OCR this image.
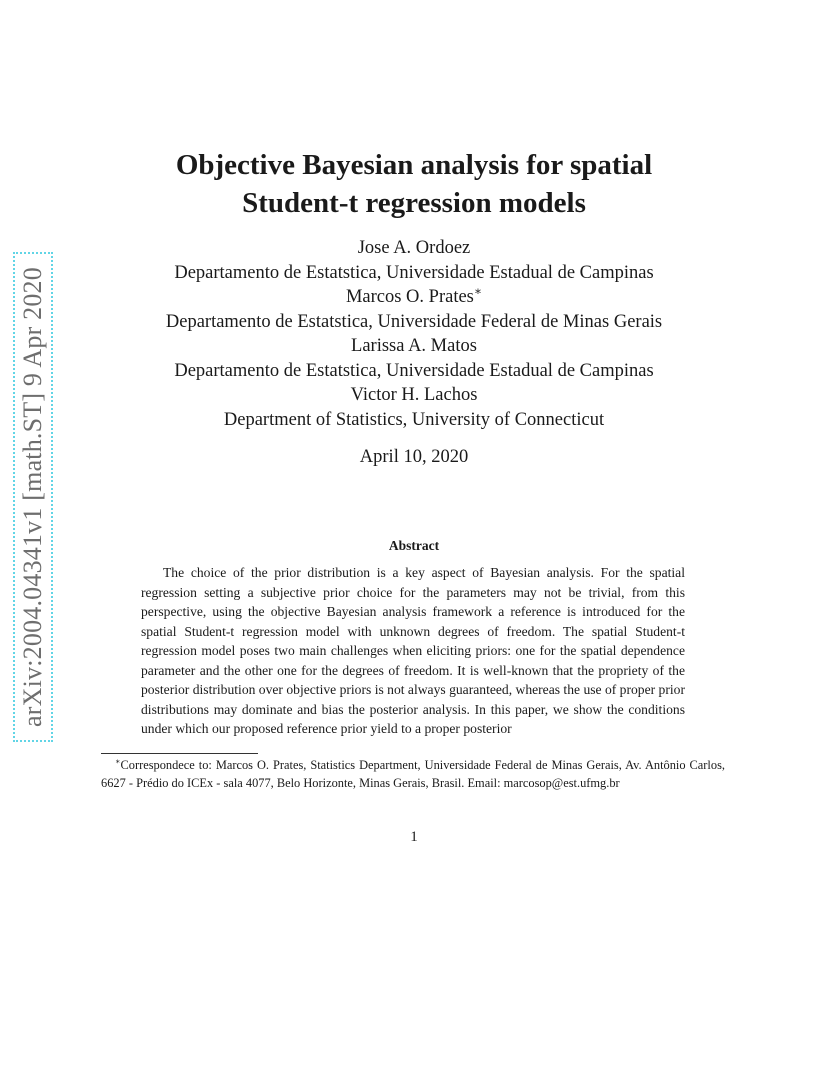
arXiv:2004.04341v1 [math.ST] 9 Apr 2020
Objective Bayesian analysis for spatial
Student-t regression models
Jose A. Ordoez
Departamento de Estatstica, Universidade Estadual de Campinas
Marcos O. Prates∗
Departamento de Estatstica, Universidade Federal de Minas Gerais
Larissa A. Matos
Departamento de Estatstica, Universidade Estadual de Campinas
Victor H. Lachos
Department of Statistics, University of Connecticut
April 10, 2020
Abstract

The choice of the prior distribution is a key aspect of Bayesian analysis. For the spatial regression setting a subjective prior choice for the parameters may not be trivial, from this perspective, using the objective Bayesian analysis framework a reference is introduced for the spatial Student-t regression model with unknown degrees of freedom. The spatial Student-t regression model poses two main challenges when eliciting priors: one for the spatial dependence parameter and the other one for the degrees of freedom. It is well-known that the propriety of the posterior distribution over objective priors is not always guaranteed, whereas the use of proper prior distributions may dominate and bias the posterior analysis. In this paper, we show the conditions under which our proposed reference prior yield to a proper posterior

∗Correspondece to: Marcos O. Prates, Statistics Department, Universidade Federal de Minas Gerais, Av. Antônio Carlos, 6627 - Prédio do ICEx - sala 4077, Belo Horizonte, Minas Gerais, Brasil. Email: marcosop@est.ufmg.br

1
